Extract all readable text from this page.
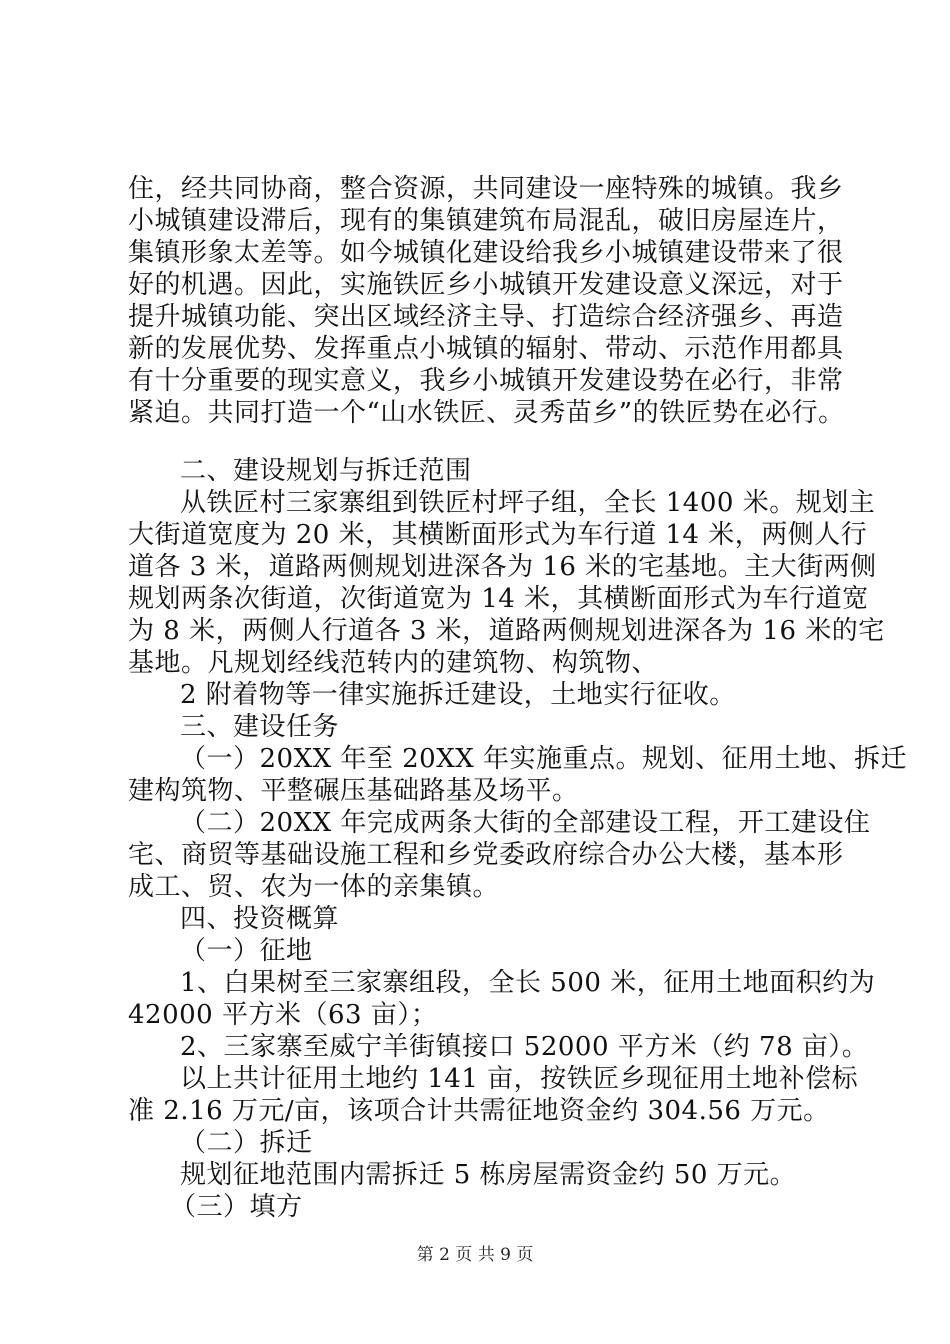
住，经共同协商，整合资源，共同建设一座特殊的城镇。我乡
小城镇建设滞后，现有的集镇建筑布局混乱，破旧房屋连片，
集镇形象太差等。如今城镇化建设给我乡小城镇建设带来了很
好的机遇。因此，实施铁匠乡小城镇开发建设意义深远，对于
提升城镇功能、突出区域经济主导、打造综合经济强乡、再造
新的发展优势、发挥重点小城镇的辐射、带动、示范作用都具
有十分重要的现实意义，我乡小城镇开发建设势在必行，非常
紧迫。共同打造一个“山水铁匠、灵秀苗乡”的铁匠势在必行。
二、建设规划与拆迁范围
从铁匠村三家寨组到铁匠村坪子组，全长 1400 米。规划主
大街道宽度为 20 米，其横断面形式为车行道 14 米，两侧人行
道各 3 米，道路两侧规划进深各为 16 米的宅基地。主大街两侧
规划两条次街道，次街道宽为 14 米，其横断面形式为车行道宽
为 8 米，两侧人行道各 3 米，道路两侧规划进深各为 16 米的宅
基地。凡规划经线范转内的建筑物、构筑物、
2 附着物等一律实施拆迁建设，土地实行征收。
三、建设任务
（一）20XX 年至 20XX 年实施重点。规划、征用土地、拆迁
建构筑物、平整碾压基础路基及场平。
（二）20XX 年完成两条大街的全部建设工程，开工建设住
宅、商贸等基础设施工程和乡党委政府综合办公大楼，基本形
成工、贸、农为一体的亲集镇。
四、投资概算
（一）征地
1、白果树至三家寨组段，全长 500 米，征用土地面积约为
42000 平方米（63 亩）；
2、三家寨至威宁羊街镇接口 52000 平方米（约 78 亩）。
以上共计征用土地约 141 亩，按铁匠乡现征用土地补偿标
准 2.16 万元/亩，该项合计共需征地资金约 304.56 万元。
（二）拆迁
规划征地范围内需拆迁 5 栋房屋需资金约 50 万元。
（三）填方
第 2 页 共 9 页
